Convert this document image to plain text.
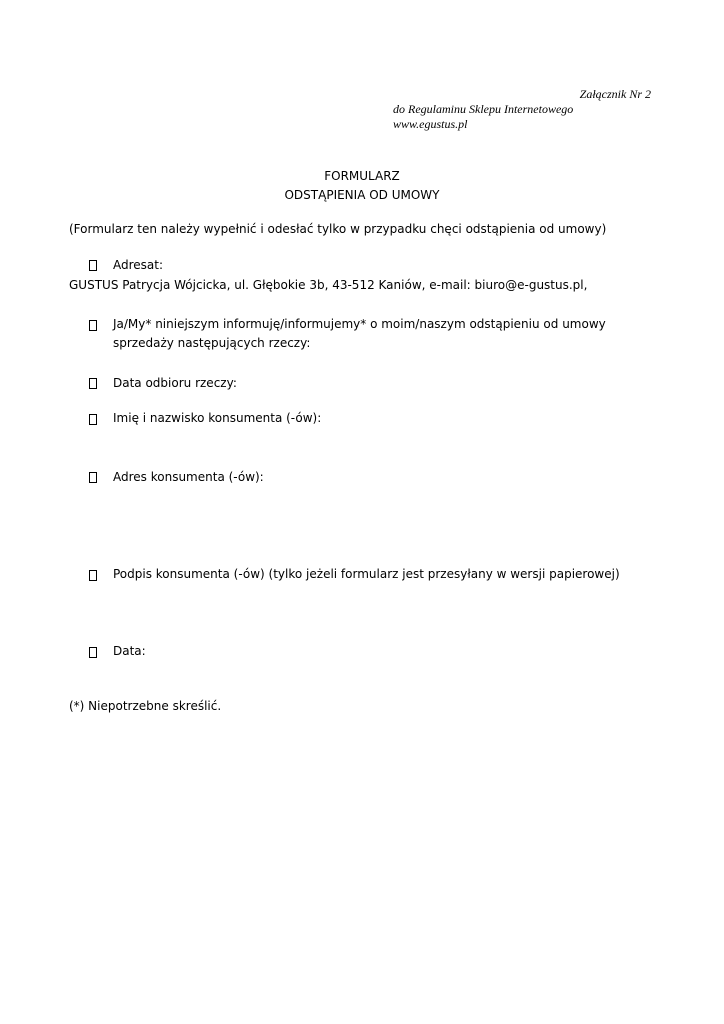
Załącznik Nr 2
do Regulaminu Sklepu Internetowego
www.egustus.pl
FORMULARZ
ODSTĄPIENIA OD UMOWY
(Formularz ten należy wypełnić i odesłać tylko w przypadku chęci odstąpienia od umowy)
Adresat:
GUSTUS Patrycja Wójcicka, ul. Głębokie 3b, 43-512 Kaniów, e-mail: biuro@e-gustus.pl,
Ja/My* niniejszym informuję/informujemy* o moim/naszym odstąpieniu od umowy
sprzedaży następujących rzeczy:
Data odbioru rzeczy:
Imię i nazwisko konsumenta (-ów):
Adres konsumenta (-ów):
Podpis konsumenta (-ów) (tylko jeżeli formularz jest przesyłany w wersji papierowej)
Data:
(*) Niepotrzebne skreślić.
